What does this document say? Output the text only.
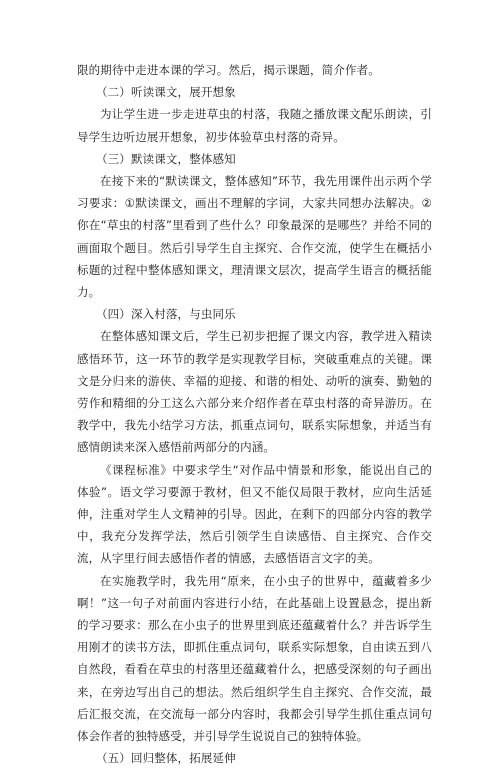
限的期待中走进本课的学习。然后，揭示课题，简介作者。

（二）听读课文，展开想象

为让学生进一步走进草虫的村落，我随之播放课文配乐朗读，引导学生边听边展开想象，初步体验草虫村落的奇异。

（三）默读课文，整体感知

在接下来的“默读课文，整体感知”环节，我先用课件出示两个学习要求：①默读课文，画出不理解的字词，大家共同想办法解决。②你在“草虫的村落”里看到了些什么？印象最深的是哪些？并给不同的画面取个题目。然后引导学生自主探究、合作交流，使学生在概括小标题的过程中整体感知课文，理清课文层次，提高学生语言的概括能力。

（四）深入村落，与虫同乐

在整体感知课文后，学生已初步把握了课文内容，教学进入精读感悟环节，这一环节的教学是实现教学目标，突破重难点的关键。课文是分归来的游侠、幸福的迎接、和谐的相处、动听的演奏、勤勉的劳作和精细的分工这么六部分来介绍作者在草虫村落的奇异游历。在教学中，我先小结学习方法，抓重点词句，联系实际想象，并适当有感情朗读来深入感悟前两部分的内涵。

《课程标准》中要求学生“对作品中情景和形象，能说出自己的体验”。语文学习要源于教材，但又不能仅局限于教材，应向生活延伸，注重对学生人文精神的引导。因此，在剩下的四部分内容的教学中，我充分发挥学法，然后引领学生自读感悟、自主探究、合作交流，从字里行间去感悟作者的情感，去感悟语言文字的美。

在实施教学时，我先用“原来，在小虫子的世界中，蕴藏着多少啊！”这一句子对前面内容进行小结，在此基础上设置悬念，提出新的学习要求：那么在小虫子的世界里到底还蕴藏着什么？并告诉学生用刚才的读书方法，即抓住重点词句，联系实际想象，自由读五到八自然段，看看在草虫的村落里还蕴藏着什么，把感受深刻的句子画出来，在旁边写出自己的想法。然后组织学生自主探究、合作交流，最后汇报交流，在交流每一部分内容时，我都会引导学生抓住重点词句体会作者的独特感受，并引导学生说说自己的独特体验。

（五）回归整体，拓展延伸
